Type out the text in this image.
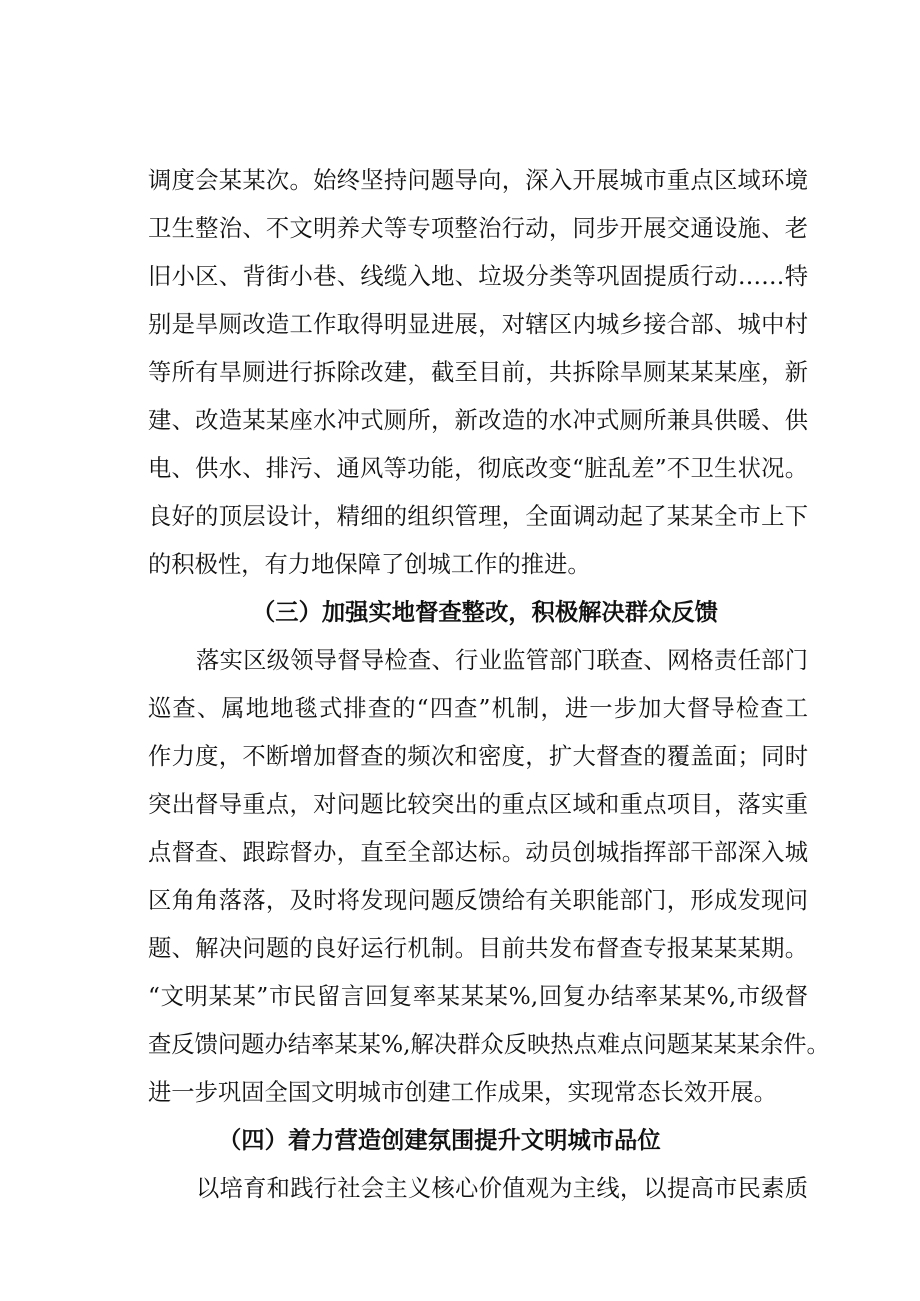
调度会某某次。始终坚持问题导向，深入开展城市重点区域环境
卫生整治、不文明养犬等专项整治行动，同步开展交通设施、老
旧小区、背街小巷、线缆入地、垃圾分类等巩固提质行动……特
别是旱厕改造工作取得明显进展，对辖区内城乡接合部、城中村
等所有旱厕进行拆除改建，截至目前，共拆除旱厕某某某座，新
建、改造某某座水冲式厕所，新改造的水冲式厕所兼具供暖、供
电、供水、排污、通风等功能，彻底改变“脏乱差”不卫生状况。
良好的顶层设计，精细的组织管理，全面调动起了某某全市上下
的积极性，有力地保障了创城工作的推进。
（三）加强实地督查整改，积极解决群众反馈
落实区级领导督导检查、行业监管部门联查、网格责任部门
巡查、属地地毯式排查的“四查”机制，进一步加大督导检查工
作力度，不断增加督查的频次和密度，扩大督查的覆盖面；同时
突出督导重点，对问题比较突出的重点区域和重点项目，落实重
点督查、跟踪督办，直至全部达标。动员创城指挥部干部深入城
区角角落落，及时将发现问题反馈给有关职能部门，形成发现问
题、解决问题的良好运行机制。目前共发布督查专报某某某期。
“文明某某”市民留言回复率某某某%,回复办结率某某%,市级督
查反馈问题办结率某某%,解决群众反映热点难点问题某某某余件。
进一步巩固全国文明城市创建工作成果，实现常态长效开展。
（四）着力营造创建氛围提升文明城市品位
以培育和践行社会主义核心价值观为主线，以提高市民素质
